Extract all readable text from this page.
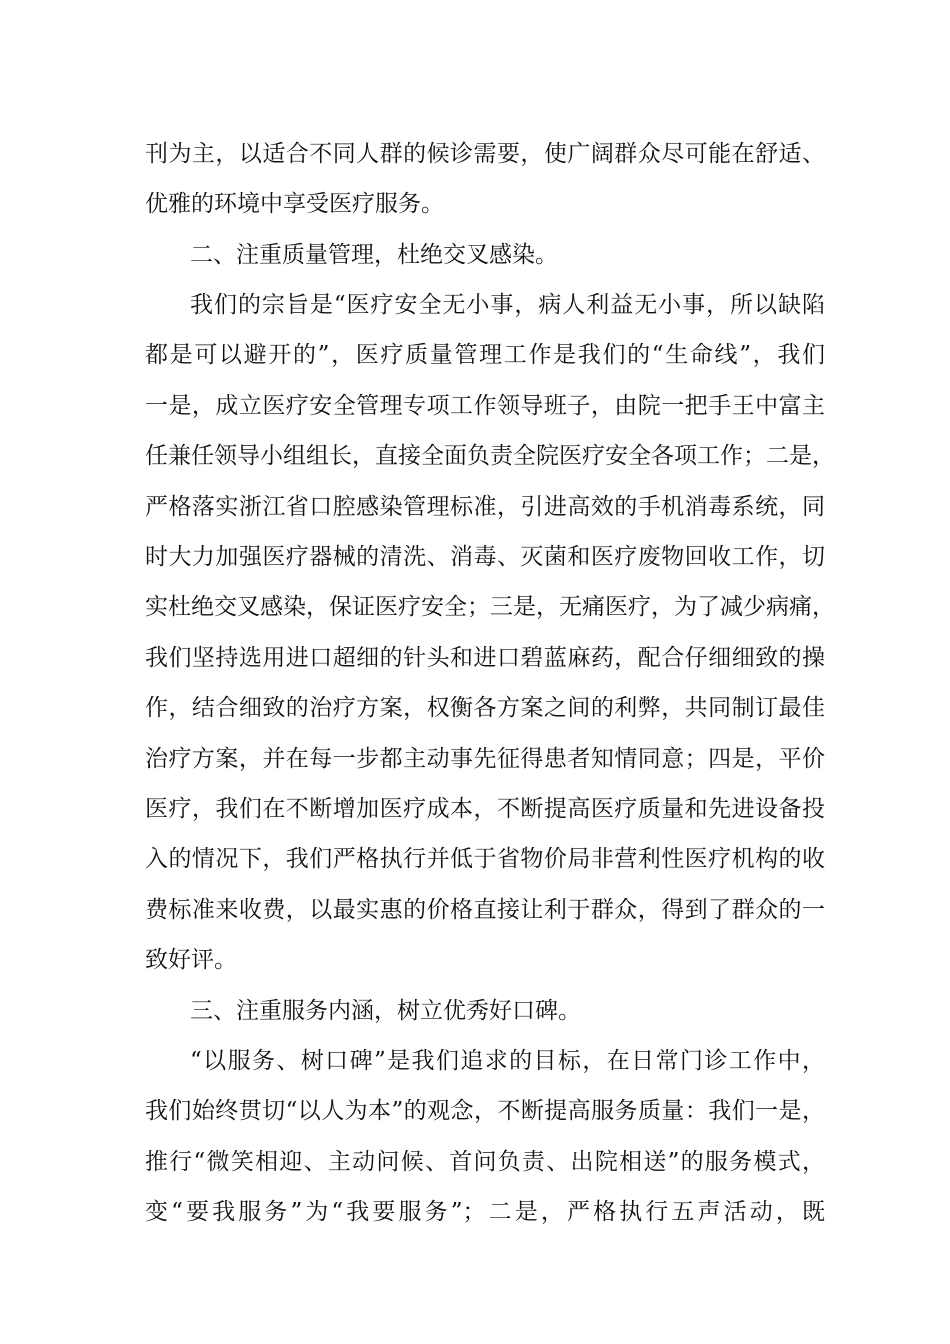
刊为主，以适合不同人群的候诊需要，使广阔群众尽可能在舒适、
优雅的环境中享受医疗服务。
二、注重质量管理，杜绝交叉感染。
我们的宗旨是“医疗安全无小事，病人利益无小事，所以缺陷
都是可以避开的”，医疗质量管理工作是我们的“生命线”，我们
一是，成立医疗安全管理专项工作领导班子，由院一把手王中富主
任兼任领导小组组长，直接全面负责全院医疗安全各项工作；二是，
严格落实浙江省口腔感染管理标准，引进高效的手机消毒系统，同
时大力加强医疗器械的清洗、消毒、灭菌和医疗废物回收工作，切
实杜绝交叉感染，保证医疗安全；三是，无痛医疗，为了减少病痛，
我们坚持选用进口超细的针头和进口碧蓝麻药，配合仔细细致的操
作，结合细致的治疗方案，权衡各方案之间的利弊，共同制订最佳
治疗方案，并在每一步都主动事先征得患者知情同意；四是，平价
医疗，我们在不断增加医疗成本，不断提高医疗质量和先进设备投
入的情况下，我们严格执行并低于省物价局非营利性医疗机构的收
费标准来收费，以最实惠的价格直接让利于群众，得到了群众的一
致好评。
三、注重服务内涵，树立优秀好口碑。
“以服务、树口碑”是我们追求的目标，在日常门诊工作中，
我们始终贯切“以人为本”的观念，不断提高服务质量：我们一是，
推行“微笑相迎、主动问候、首问负责、出院相送”的服务模式，
变“要我服务”为“我要服务”；二是，严格执行五声活动，既
